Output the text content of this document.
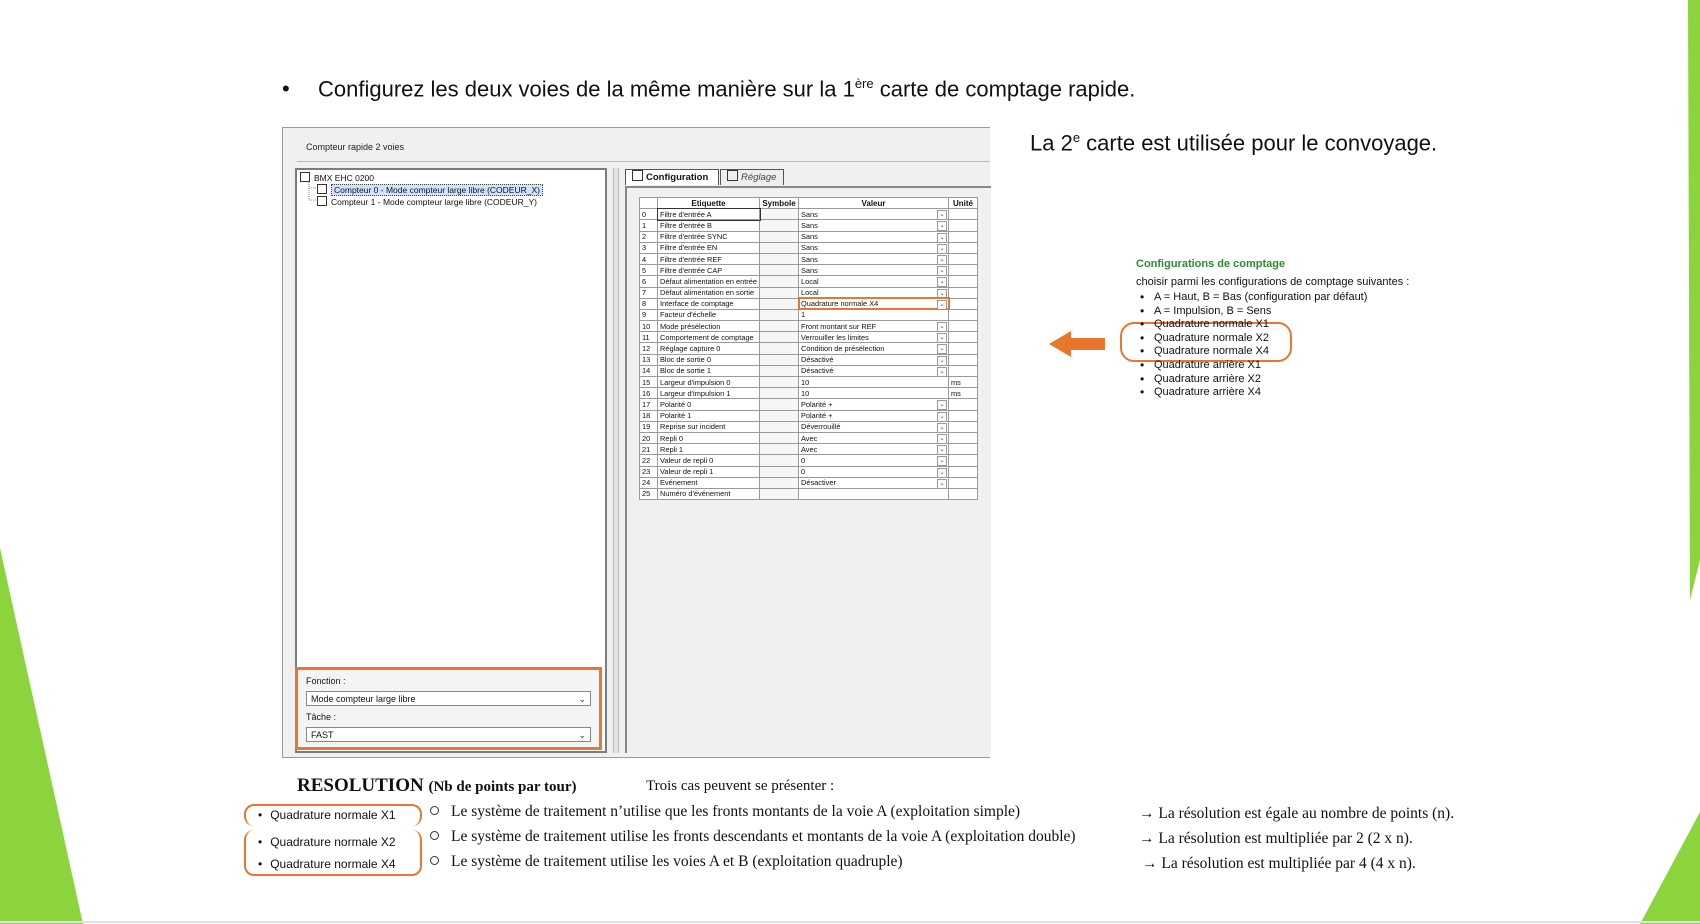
• Configurez les deux voies de la même manière sur la 1ère carte de comptage rapide.
La 2e carte est utilisée pour le convoyage.
Compteur rapide 2 voies
BMX EHC 0200
Compteur 0 - Mode compteur large libre (CODEUR_X)
Compteur 1 - Mode compteur large libre (CODEUR_Y)
Fonction :
Mode compteur large libre	⌄
Tâche :
FAST	⌄
Configuration	Réglage
	Etiquette	Symbole	Valeur	Unité
0	Filtre d'entrée A		Sans ⌄	

1	Filtre d'entrée B		Sans ⌄	

2	Filtre d'entrée SYNC		Sans ⌄	

3	Filtre d'entrée EN		Sans ⌄	

4	Filtre d'entrée REF		Sans ⌄	

5	Filtre d'entrée CAP		Sans ⌄	

6	Défaut alimentation en entrée		Local ⌄	

7	Défaut alimentation en sortie		Local ⌄	

8	Interface de comptage		Quadrature normale X4 ⌄	

9	Facteur d'échelle		1	
10	Mode présélection		Front montant sur REF ⌄	

11	Comportement de comptage		Verrouiller les limites ⌄	

12	Réglage capture 0		Condition de présélection ⌄	

13	Bloc de sortie 0		Désactivé ⌄	

14	Bloc de sortie 1		Désactivé ⌄	

15	Largeur d'impulsion 0		10	ms
16	Largeur d'impulsion 1		10	ms
17	Polarité 0		Polarité + ⌄	

18	Polarité 1		Polarité + ⌄	

19	Reprise sur incident		Déverrouillé ⌄	

20	Repli 0		Avec ⌄	

21	Repli 1		Avec ⌄	

22	Valeur de repli 0		0 ⌄	

23	Valeur de repli 1		0 ⌄	

24	Evénement		Désactiver ⌄	

25	Numéro d'événement			
Configurations de comptage
choisir parmi les configurations de comptage suivantes :
• A = Haut, B = Bas (configuration par défaut)
• A = Impulsion, B = Sens
• Quadrature normale X1
• Quadrature normale X2
• Quadrature normale X4
• Quadrature arrière X1
• Quadrature arrière X2
• Quadrature arrière X4
RESOLUTION (Nb de points par tour)	Trois cas peuvent se présenter :
• Quadrature normale X1
• Quadrature normale X2
• Quadrature normale X4
Le système de traitement n’utilise que les fronts montants de la voie A (exploitation simple)
Le système de traitement utilise les fronts descendants et montants de la voie A (exploitation double)
Le système de traitement utilise les voies A et B (exploitation quadruple)
→ La résolution est égale au nombre de points (n).
→ La résolution est multipliée par 2 (2 x n).
→ La résolution est multipliée par 4 (4 x n).
